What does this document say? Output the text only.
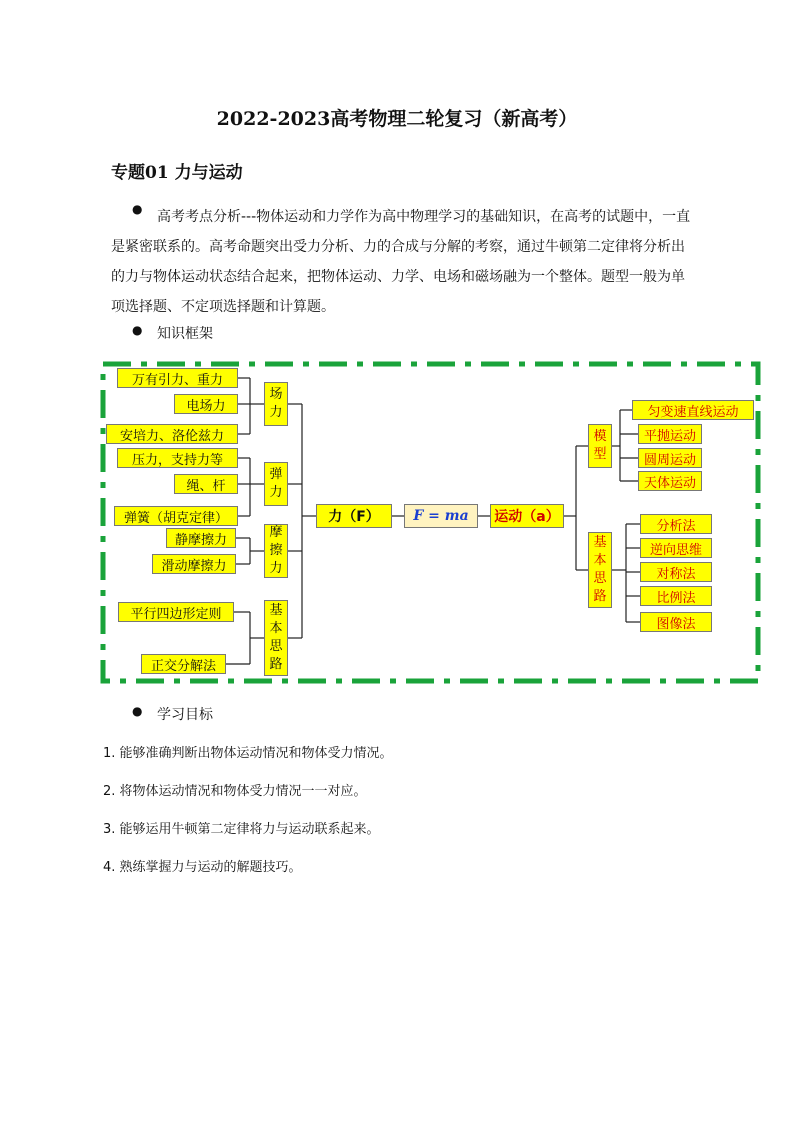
2022-2023高考物理二轮复习（新高考）
专题01 力与运动
●	高考考点分析---物体运动和力学作为高中物理学习的基础知识，在高考的试题中，一直是紧密联系的。高考命题突出受力分析、力的合成与分解的考察，通过牛顿第二定律将分析出的力与物体运动状态结合起来，把物体运动、力学、电场和磁场融为一个整体。题型一般为单项选择题、不定项选择题和计算题。
● 知识框架
万有引力、重力
电场力
安培力、洛伦兹力
压力，支持力等
绳、杆
弹簧（胡克定律）
静摩擦力
滑动摩擦力
平行四边形定则
正交分解法
场
力
弹
力
摩
擦
力
基
本
思
路
力（F）	F = ma	运动（a）
模
型
基
本
思
路
匀变速直线运动
平抛运动
圆周运动
天体运动
分析法
逆向思维
对称法
比例法
图像法
● 学习目标
1. 能够准确判断出物体运动情况和物体受力情况。
2. 将物体运动情况和物体受力情况一一对应。
3. 能够运用牛顿第二定律将力与运动联系起来。
4. 熟练掌握力与运动的解题技巧。
